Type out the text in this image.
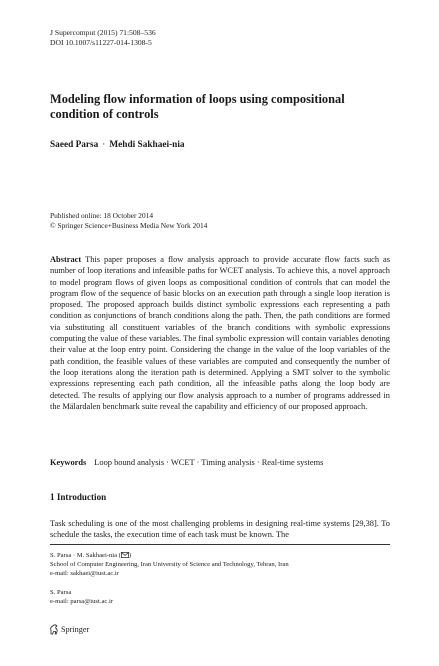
J Supercomput (2015) 71:508–536
DOI 10.1007/s11227-014-1308-5
Modeling flow information of loops using compositional
condition of controls
Saeed Parsa · Mehdi Sakhaei-nia
Published online: 18 October 2014
© Springer Science+Business Media New York 2014
Abstract This paper proposes a flow analysis approach to provide accurate flow facts such as number of loop iterations and infeasible paths for WCET analysis. To achieve this, a novel approach to model program flows of given loops as compositional condition of controls that can model the program flow of the sequence of basic blocks on an execution path through a single loop iteration is proposed. The proposed approach builds distinct symbolic expressions each representing a path condition as conjunctions of branch conditions along the path. Then, the path conditions are formed via substituting all constituent variables of the branch conditions with symbolic expressions computing the value of these variables. The final symbolic expression will contain variables denoting their value at the loop entry point. Considering the change in the value of the loop variables of the path condition, the feasible values of these variables are computed and consequently the number of the loop iterations along the iteration path is determined. Applying a SMT solver to the symbolic expressions representing each path condition, all the infeasible paths along the loop body are detected. The results of applying our flow analysis approach to a number of programs addressed in the Mälardalen benchmark suite reveal the capability and efficiency of our proposed approach.
Keywords Loop bound analysis · WCET · Timing analysis · Real-time systems
1 Introduction
Task scheduling is one of the most challenging problems in designing real-time systems [29,38]. To schedule the tasks, the execution time of each task must be known. The
S. Parsa · M. Sakhaei-nia ( )
School of Computer Engineering, Iran University of Science and Technology, Tehran, Iran
e-mail: sakhaei@iust.ac.ir
S. Parsa
e-mail: parsa@iust.ac.ir
Springer
